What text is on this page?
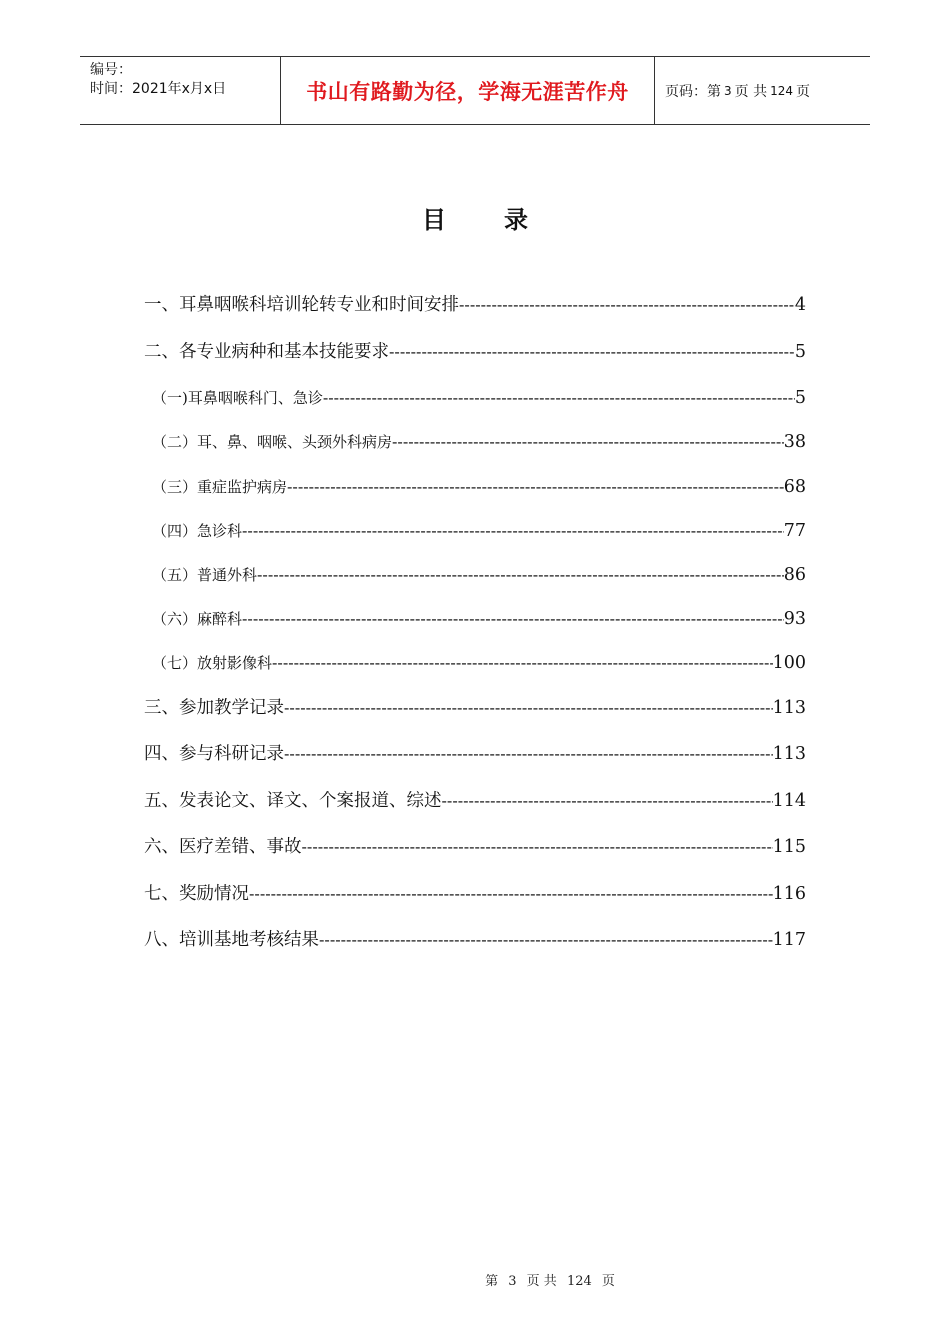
编号：
时间：2021年x月x日	书山有路勤为径，学海无涯苦作舟	页码：第 3 页 共 124 页
目 录
一、耳鼻咽喉科培训轮转专业和时间安排 -----	4
二、各专业病种和基本技能要求 -----	5
（一)耳鼻咽喉科门、急诊 -----	5
（二）耳、鼻、咽喉、头颈外科病房 -----	38
（三）重症监护病房 -----	68
（四）急诊科 -----	77
（五）普通外科 -----	86
（六）麻醉科 -----	93
（七）放射影像科 -----	100
三、参加教学记录 -----	113
四、参与科研记录 -----	113
五、发表论文、译文、个案报道、综述 -----	114
六、医疗差错、事故 -----	115
七、奖励情况 -----	116
八、培训基地考核结果 -----	117
第 3 页 共 124 页
